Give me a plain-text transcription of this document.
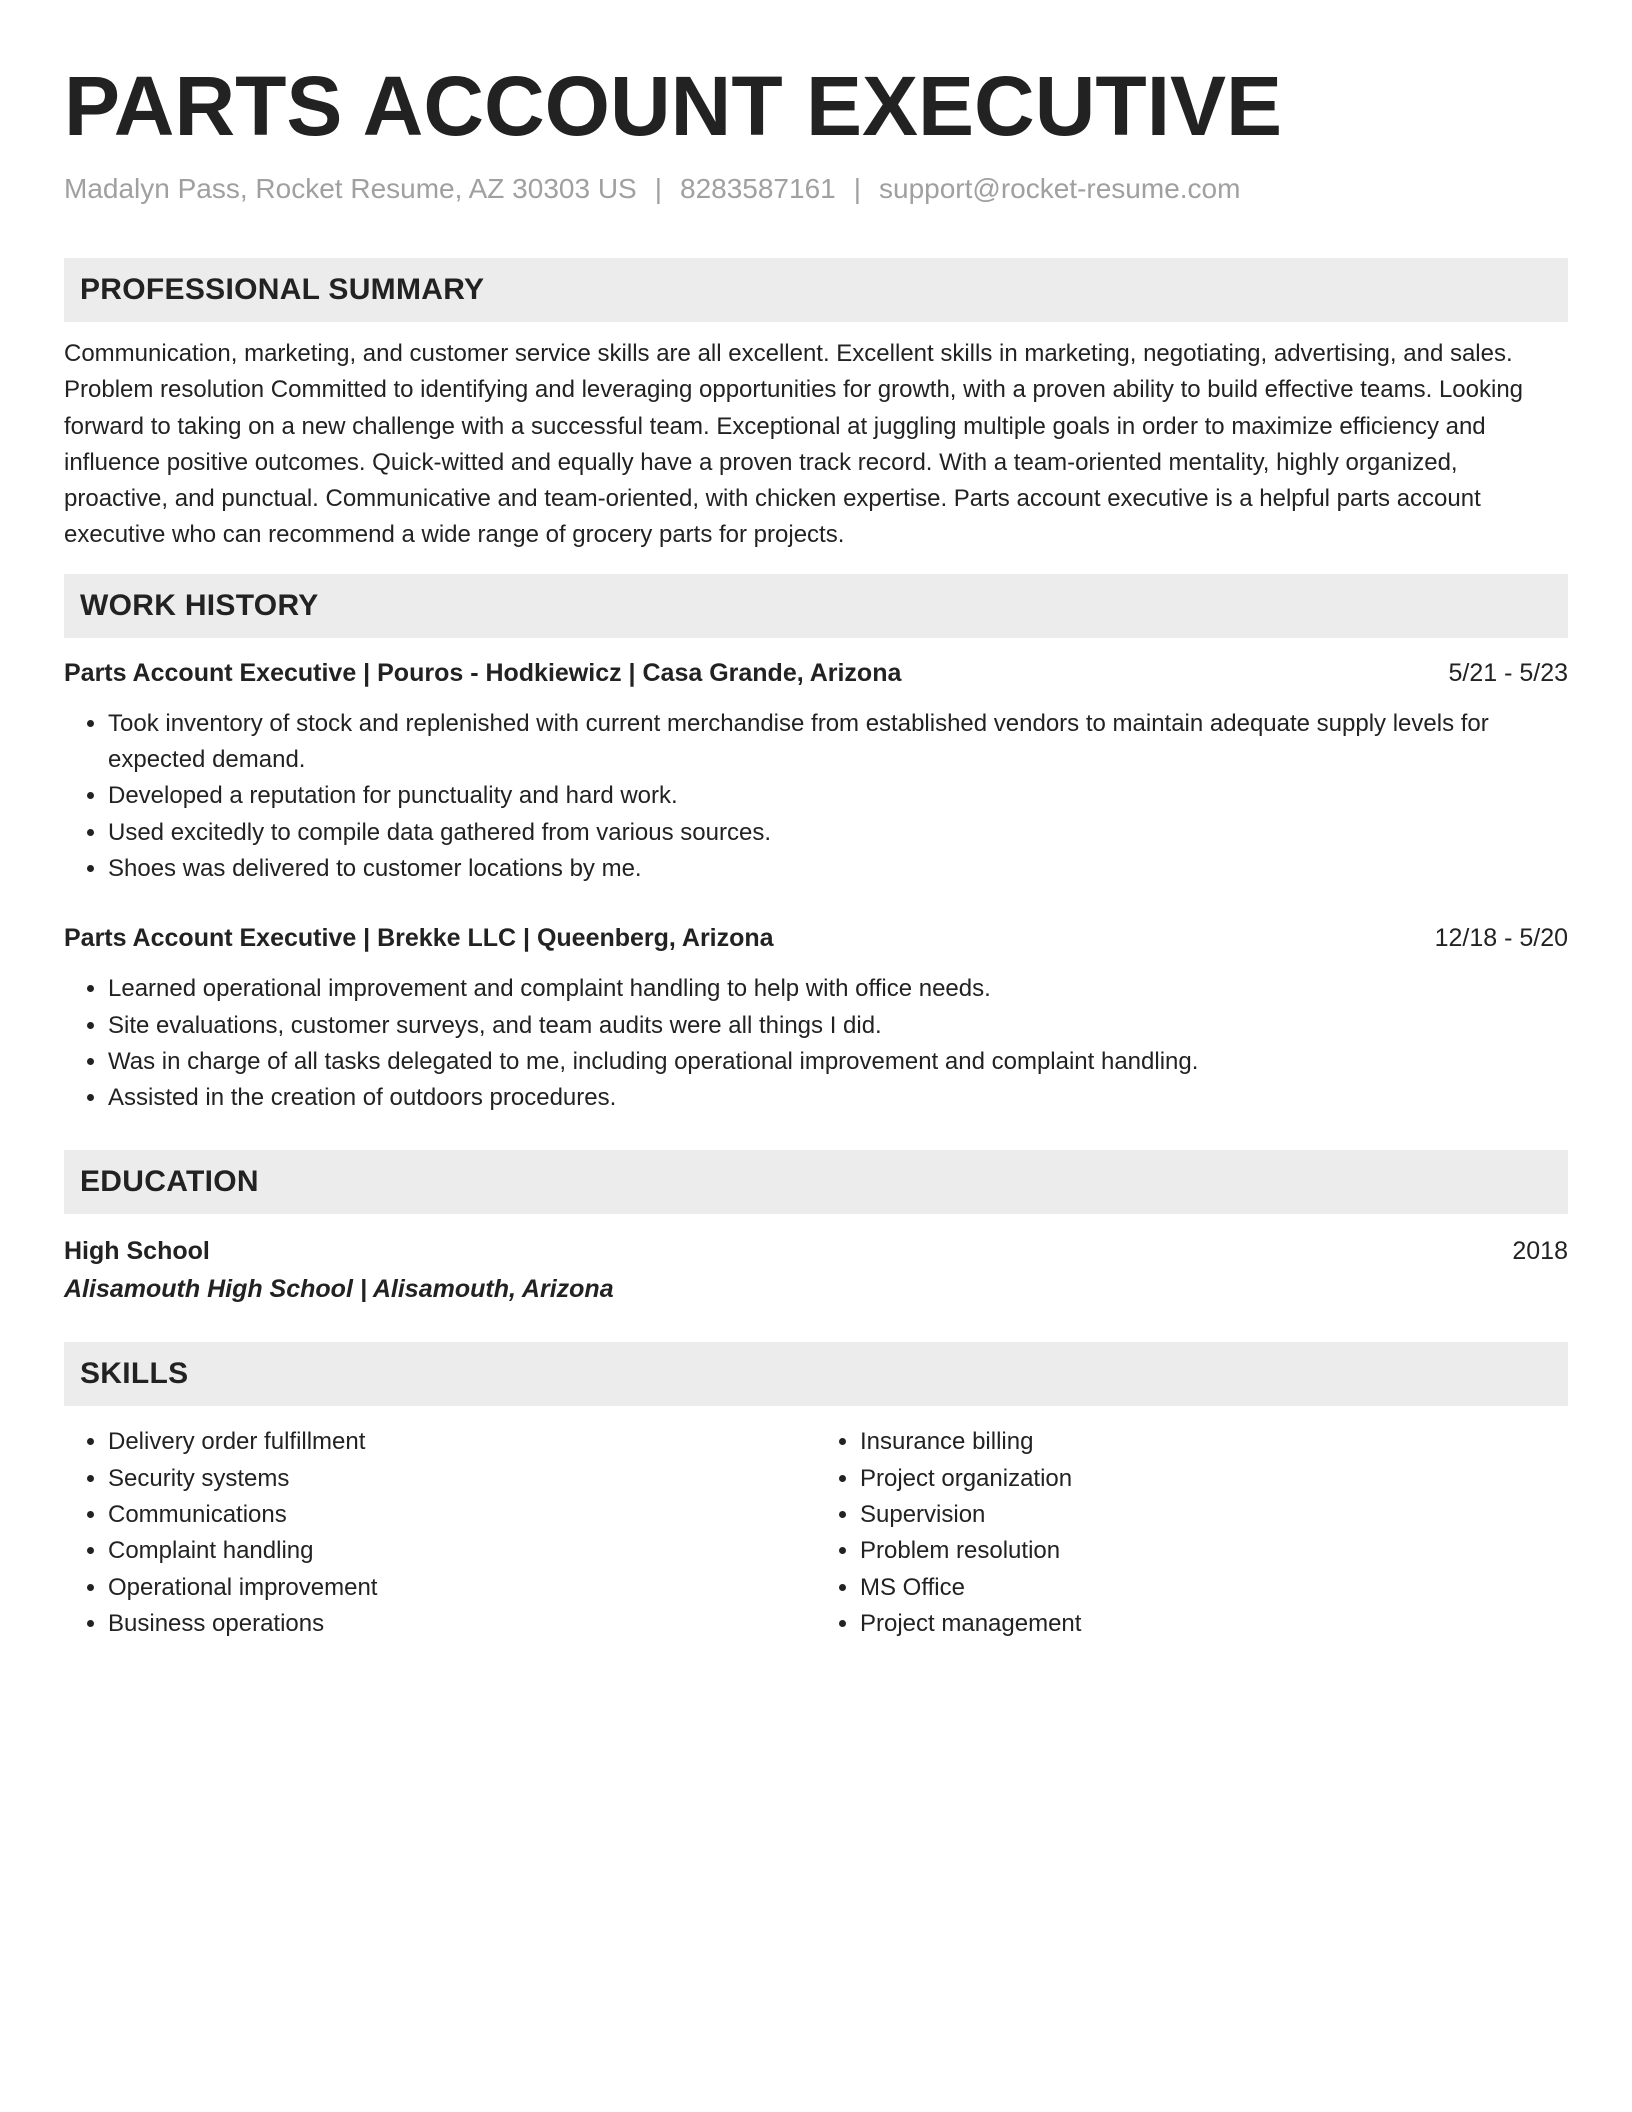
PARTS ACCOUNT EXECUTIVE
Madalyn Pass, Rocket Resume, AZ 30303 US | 8283587161 | support@rocket-resume.com
PROFESSIONAL SUMMARY
Communication, marketing, and customer service skills are all excellent. Excellent skills in marketing, negotiating, advertising, and sales. Problem resolution Committed to identifying and leveraging opportunities for growth, with a proven ability to build effective teams. Looking forward to taking on a new challenge with a successful team. Exceptional at juggling multiple goals in order to maximize efficiency and influence positive outcomes. Quick-witted and equally have a proven track record. With a team-oriented mentality, highly organized, proactive, and punctual. Communicative and team-oriented, with chicken expertise. Parts account executive is a helpful parts account executive who can recommend a wide range of grocery parts for projects.
WORK HISTORY
Parts Account Executive | Pouros - Hodkiewicz | Casa Grande, Arizona	5/21 - 5/23
• Took inventory of stock and replenished with current merchandise from established vendors to maintain adequate supply levels for expected demand.
• Developed a reputation for punctuality and hard work.
• Used excitedly to compile data gathered from various sources.
• Shoes was delivered to customer locations by me.
Parts Account Executive | Brekke LLC | Queenberg, Arizona	12/18 - 5/20
• Learned operational improvement and complaint handling to help with office needs.
• Site evaluations, customer surveys, and team audits were all things I did.
• Was in charge of all tasks delegated to me, including operational improvement and complaint handling.
• Assisted in the creation of outdoors procedures.
EDUCATION
High School	2018
Alisamouth High School | Alisamouth, Arizona
SKILLS
• Delivery order fulfillment
• Security systems
• Communications
• Complaint handling
• Operational improvement
• Business operations
• Insurance billing
• Project organization
• Supervision
• Problem resolution
• MS Office
• Project management
